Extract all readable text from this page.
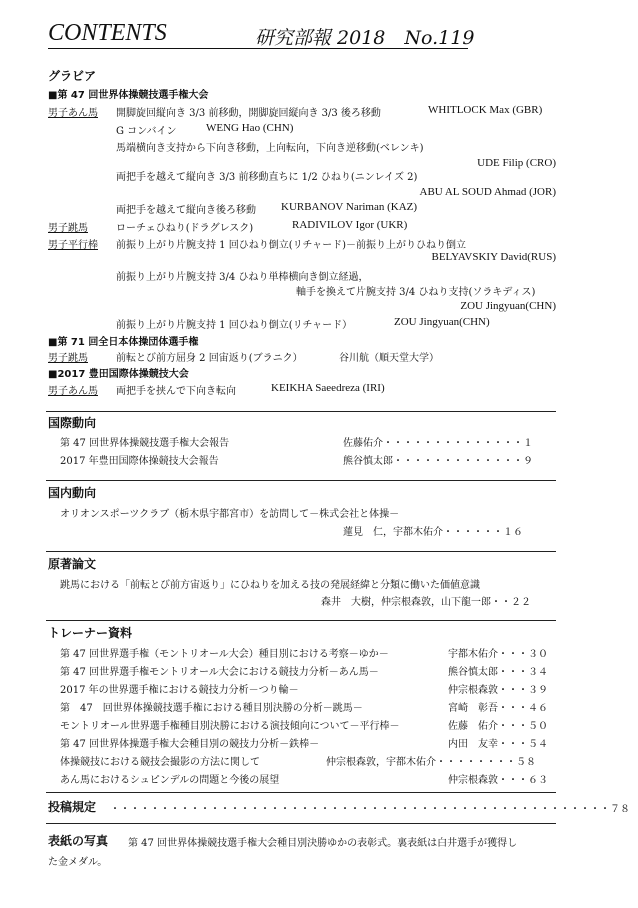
CONTENTS	研究部報 2018　No.119
グラビア
■第 47 回世界体操競技選手権大会
男子あん馬 開脚旋回縦向き 3/3 前移動，開脚旋回縦向き 3/3 後ろ移動	WHITLOCK Max (GBR)
G コンバイン	WENG Hao (CHN)
馬端横向き支持から下向き移動，上向転向，下向き逆移動(ベレンキ)
UDE Filip (CRO)
両把手を越えて縦向き 3/3 前移動直ちに 1/2 ひねり(ニンレイズ 2)
ABU AL SOUD Ahmad (JOR)
両把手を越えて縦向き後ろ移動 KURBANOV Nariman (KAZ)
男子跳馬	ローチェひねり(ドラグレスク)	RADIVILOV Igor (UKR)
男子平行棒 前振り上がり片腕支持 1 回ひねり倒立(リチャード)－前振り上がりひねり倒立
BELYAVSKIY David(RUS)
前振り上がり片腕支持 3/4 ひねり単棒横向き倒立経過，
軸手を換えて片腕支持 3/4 ひねり支持(ソラキディス)
ZOU Jingyuan(CHN)
前振り上がり片腕支持 1 回ひねり倒立(リチャード）	ZOU Jingyuan(CHN)
■第 71 回全日本体操団体選手権
男子跳馬	前転とび前方屈身 2 回宙返り(ブラニク）	谷川航（順天堂大学）
■2017 豊田国際体操競技大会
男子あん馬 両把手を挟んで下向き転向	KEIKHA Saeedreza (IRI)
国際動向
第 47 回世界体操競技選手権大会報告	佐藤佑介・・・・・・・・・・・・・・１
2017 年豊田国際体操競技大会報告	熊谷慎太郎・・・・・・・・・・・・・９
国内動向
オリオンスポーツクラブ（栃木県宇都宮市）を訪問して－株式会社と体操－
蓮見　仁，宇都木佑介・・・・・・１６
原著論文
跳馬における「前転とび前方宙返り」にひねりを加える技の発展経緯と分類に働いた価値意識
森井　大樹，仲宗根森敦，山下龍一郎・・２２
トレーナー資料
第 47 回世界選手権（モントリオール大会）種目別における考察－ゆか－	宇都木佑介・・・３０
第 47 回世界選手権モントリオール大会における競技力分析－あん馬－	熊谷慎太郎・・・３４
2017 年の世界選手権における競技力分析－つり輪－	仲宗根森敦・・・３９
第　47　回世界体操競技選手権における種目別決勝の分析－跳馬－	宮崎　彰吾・・・４６
モントリオール世界選手権種目別決勝における演技傾向について－平行棒－	佐藤　佑介・・・５０
第 47 回世界体操選手権大会種目別の競技力分析－鉄棒－	内田　友幸・・・５４
体操競技における競技会撮影の方法に関して	仲宗根森敦，宇都木佑介・・・・・・・・５８
あん馬におけるシュピンデルの問題と今後の展望	仲宗根森敦・・・６３
投稿規定 ・・・・・・・・・・・・・・・・・・・・・・・・・・・・・・・・・・・・・・・・・・・・・・・・・・７８
表紙の写真 第 47 回世界体操競技選手権大会種目別決勝ゆかの表彰式。裏表紙は白井選手が獲得し
た金メダル。
